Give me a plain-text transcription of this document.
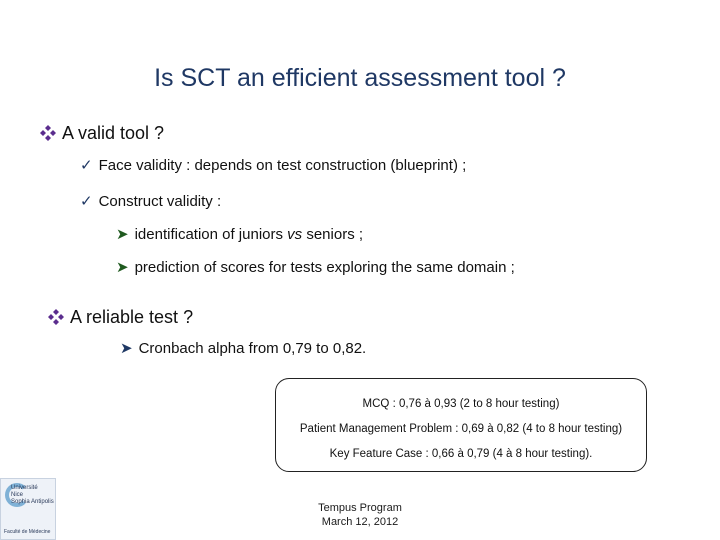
Is SCT an efficient assessment tool ?
A valid tool ?
✓ Face validity : depends on test construction (blueprint) ;
✓ Construct validity :
➤ identification of juniors vs seniors ;
➤ prediction of scores for tests exploring the same domain ;
A reliable test ?
➤ Cronbach alpha from 0,79 to 0,82.
MCQ : 0,76 à 0,93 (2 to 8 hour testing)
Patient Management Problem : 0,69 à 0,82 (4 to 8 hour testing)
Key Feature Case : 0,66 à 0,79 (4 à 8 hour testing).
Tempus Program
March 12, 2012
Université
Nice
Sophia Antipolis
Faculté de Médecine
